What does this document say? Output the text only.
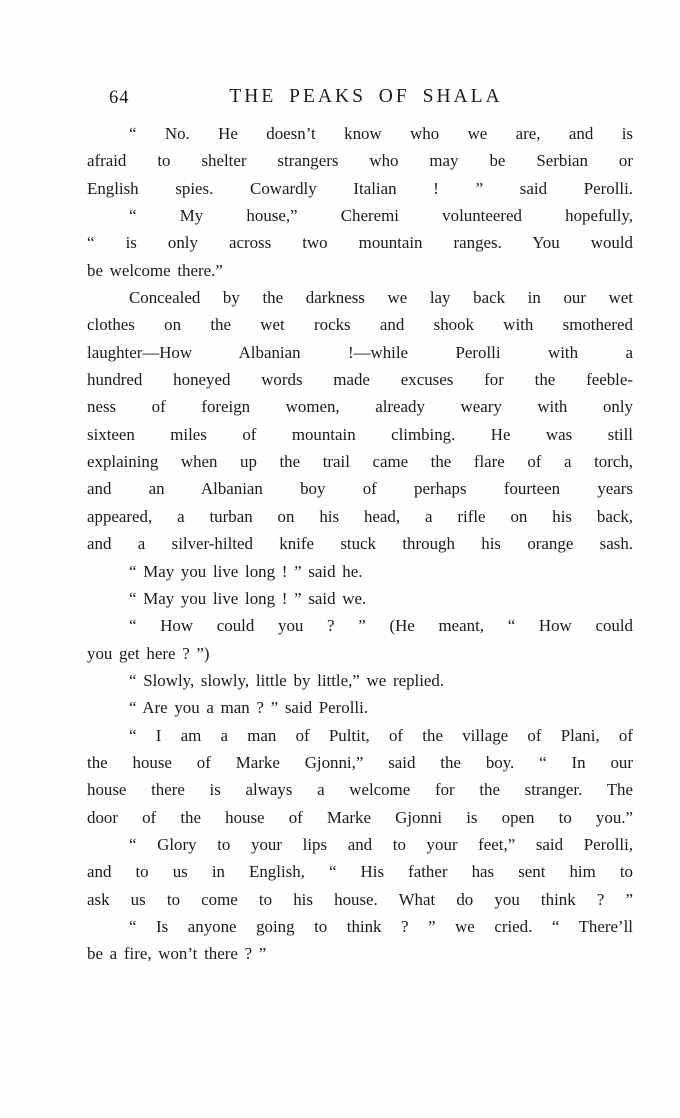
64	THE PEAKS OF SHALA
“ No. He doesn’t know who we are, and is
afraid to shelter strangers who may be Serbian or
English spies. Cowardly Italian ! ” said Perolli.
“ My house,” Cheremi volunteered hopefully,
“ is only across two mountain ranges. You would
be welcome there.”
Concealed by the darkness we lay back in our wet
clothes on the wet rocks and shook with smothered
laughter—How Albanian !—while Perolli with a
hundred honeyed words made excuses for the feeble-
ness of foreign women, already weary with only
sixteen miles of mountain climbing. He was still
explaining when up the trail came the flare of a torch,
and an Albanian boy of perhaps fourteen years
appeared, a turban on his head, a rifle on his back,
and a silver-hilted knife stuck through his orange sash.
“ May you live long ! ” said he.
“ May you live long ! ” said we.
“ How could you ? ” (He meant, “ How could
you get here ? ”)
“ Slowly, slowly, little by little,” we replied.
“ Are you a man ? ” said Perolli.
“ I am a man of Pultit, of the village of Plani, of
the house of Marke Gjonni,” said the boy. “ In our
house there is always a welcome for the stranger. The
door of the house of Marke Gjonni is open to you.”
“ Glory to your lips and to your feet,” said Perolli,
and to us in English, “ His father has sent him to
ask us to come to his house. What do you think ? ”
“ Is anyone going to think ? ” we cried. “ There’ll
be a fire, won’t there ? ”
